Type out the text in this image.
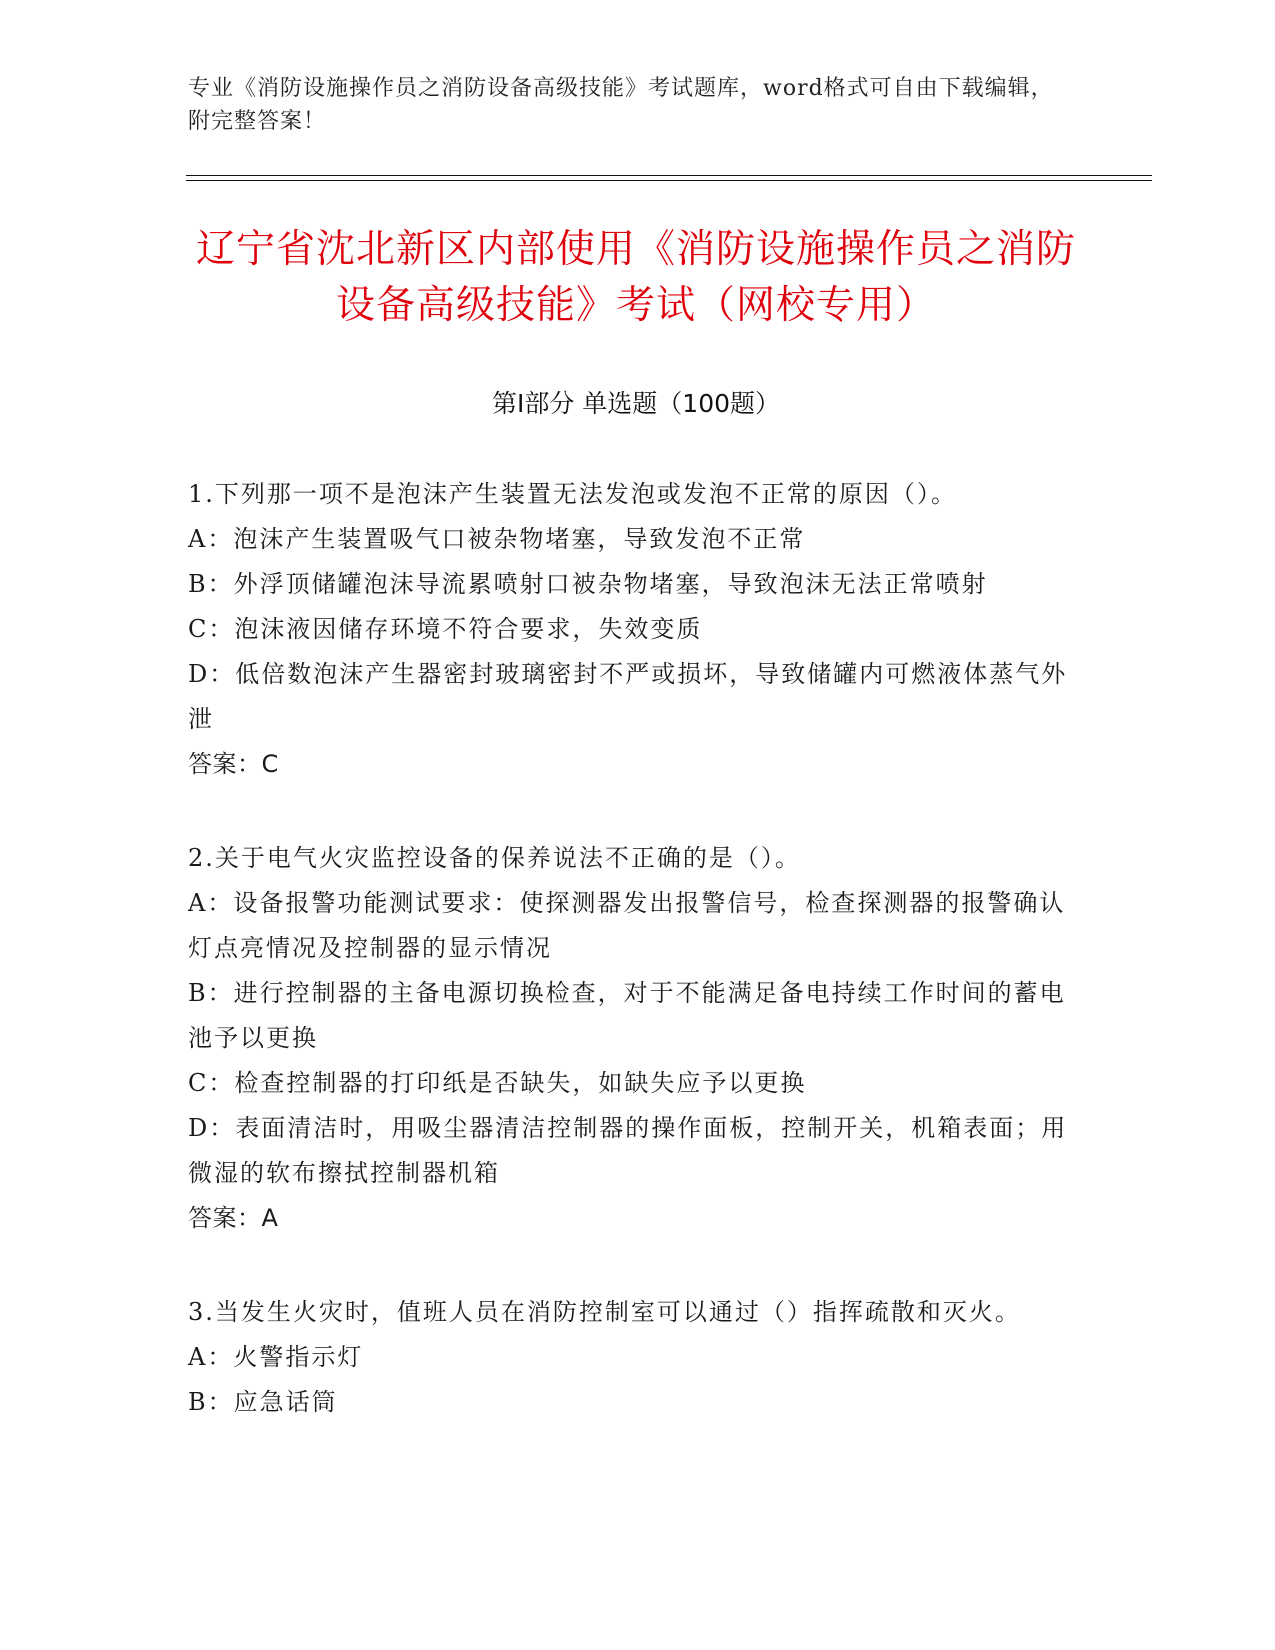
专业《消防设施操作员之消防设备高级技能》考试题库，word格式可自由下载编辑，附完整答案！
辽宁省沈北新区内部使用《消防设施操作员之消防设备高级技能》考试（网校专用）
第Ⅰ部分 单选题（100题）

1.下列那一项不是泡沫产生装置无法发泡或发泡不正常的原因（）。

A：泡沫产生装置吸气口被杂物堵塞，导致发泡不正常

B：外浮顶储罐泡沫导流累喷射口被杂物堵塞，导致泡沫无法正常喷射

C：泡沫液因储存环境不符合要求，失效变质

D：低倍数泡沫产生器密封玻璃密封不严或损坏，导致储罐内可燃液体蒸气外泄

答案：C

2.关于电气火灾监控设备的保养说法不正确的是（）。

A：设备报警功能测试要求：使探测器发出报警信号，检查探测器的报警确认灯点亮情况及控制器的显示情况

B：进行控制器的主备电源切换检查，对于不能满足备电持续工作时间的蓄电池予以更换

C：检查控制器的打印纸是否缺失，如缺失应予以更换

D：表面清洁时，用吸尘器清洁控制器的操作面板，控制开关，机箱表面；用微湿的软布擦拭控制器机箱

答案：A

3.当发生火灾时，值班人员在消防控制室可以通过（）指挥疏散和灭火。

A：火警指示灯

B：应急话筒
